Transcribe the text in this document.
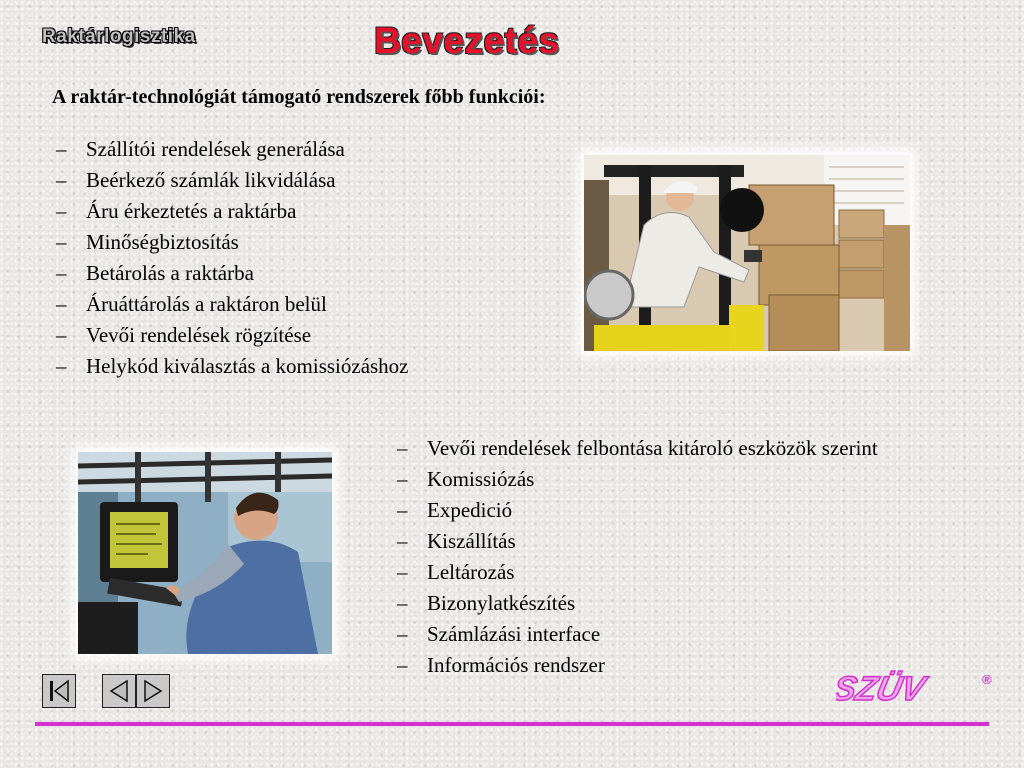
Raktárlogisztika	Bevezetés
A raktár-technológiát támogató rendszerek főbb funkciói:
– Szállítói rendelések generálása
– Beérkező számlák likvidálása
– Áru érkeztetés a raktárba
– Minőségbiztosítás
– Betárolás a raktárba
– Áruáttárolás a raktáron belül
– Vevői rendelések rögzítése
– Helykód kiválasztás a komissiózáshoz
– Vevői rendelések felbontása kitároló eszközök szerint
– Komissiózás
– Expedició
– Kiszállítás
– Leltározás
– Bizonylatkészítés
– Számlázási interface
– Információs rendszer
SZÜV	®
